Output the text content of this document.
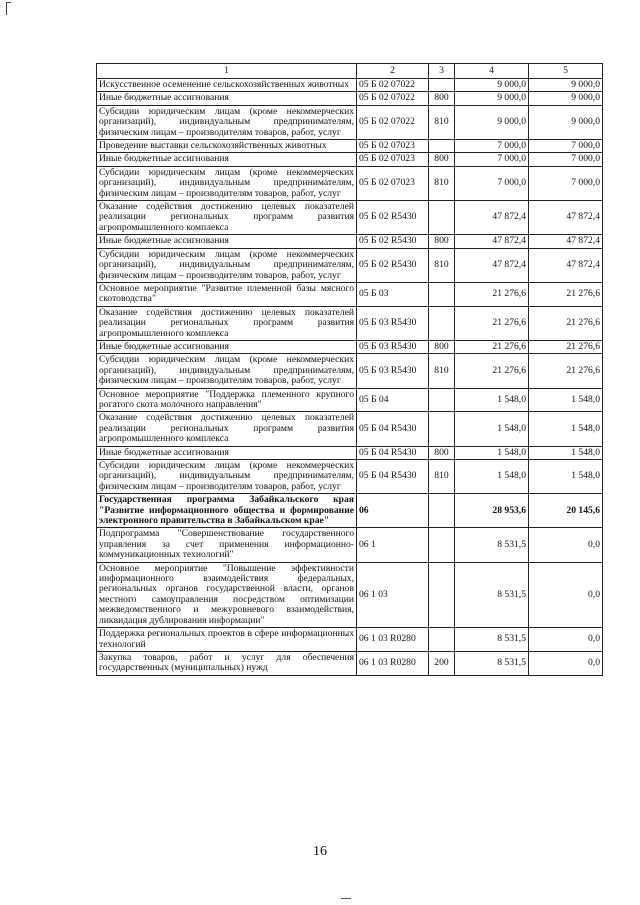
1	2	3	4	5
Искусственное осеменение сельскохозяйственных животных	05 Б 02 07022		9 000,0	9 000,0
Иные бюджетные ассигнования	05 Б 02 07022	800	9 000,0	9 000,0
Субсидии юридическим лицам (кроме некоммерческих организаций), индивидуальным предпринимателям, физическим лицам – производителям товаров, работ, услуг	05 Б 02 07022	810	9 000,0	9 000,0
Проведение выставки сельскохозяйственных животных	05 Б 02 07023		7 000,0	7 000,0
Иные бюджетные ассигнования	05 Б 02 07023	800	7 000,0	7 000,0
Субсидии юридическим лицам (кроме некоммерческих организаций), индивидуальным предпринимателям, физическим лицам – производителям товаров, работ, услуг	05 Б 02 07023	810	7 000,0	7 000,0
Оказание содействия достижению целевых показателей реализации региональных программ развития агропромышленного комплекса	05 Б 02 R5430		47 872,4	47 872,4
Иные бюджетные ассигнования	05 Б 02 R5430	800	47 872,4	47 872,4
Субсидии юридическим лицам (кроме некоммерческих организаций), индивидуальным предпринимателям, физическим лицам – производителям товаров, работ, услуг	05 Б 02 R5430	810	47 872,4	47 872,4
Основное мероприятие "Развитие племенной базы мясного скотоводства"	05 Б 03		21 276,6	21 276,6
Оказание содействия достижению целевых показателей реализации региональных программ развития агропромышленного комплекса	05 Б 03 R5430		21 276,6	21 276,6
Иные бюджетные ассигнования	05 Б 03 R5430	800	21 276,6	21 276,6
Субсидии юридическим лицам (кроме некоммерческих организаций), индивидуальным предпринимателям, физическим лицам – производителям товаров, работ, услуг	05 Б 03 R5430	810	21 276,6	21 276,6
Основное мероприятие "Поддержка племенного крупного рогатого скота молочного направления"	05 Б 04		1 548,0	1 548,0
Оказание содействия достижению целевых показателей реализации региональных программ развития агропромышленного комплекса	05 Б 04 R5430		1 548,0	1 548,0
Иные бюджетные ассигнования	05 Б 04 R5430	800	1 548,0	1 548,0
Субсидии юридическим лицам (кроме некоммерческих организаций), индивидуальным предпринимателям, физическим лицам – производителям товаров, работ, услуг	05 Б 04 R5430	810	1 548,0	1 548,0
Государственная программа Забайкальского края "Развитие информационного общества и формирование электронного правительства в Забайкальском крае"	06		28 953,6	20 145,6
Подпрограмма "Совершенствование государственного управления за счет применения информационно-коммуникационных технологий"	06 1		8 531,5	0,0
Основное мероприятие "Повышение эффективности информационного взаимодействия федеральных, региональных органов государственной власти, органов местного самоуправления посредством оптимизации межведомственного и межуровневого взаимодействия, ликвидация дублирования информации"	06 1 03		8 531,5	0,0
Поддержка региональных проектов в сфере информационных технологий	06 1 03 R0280		8 531,5	0,0
Закупка товаров, работ и услуг для обеспечения государственных (муниципальных) нужд	06 1 03 R0280	200	8 531,5	0,0
16
